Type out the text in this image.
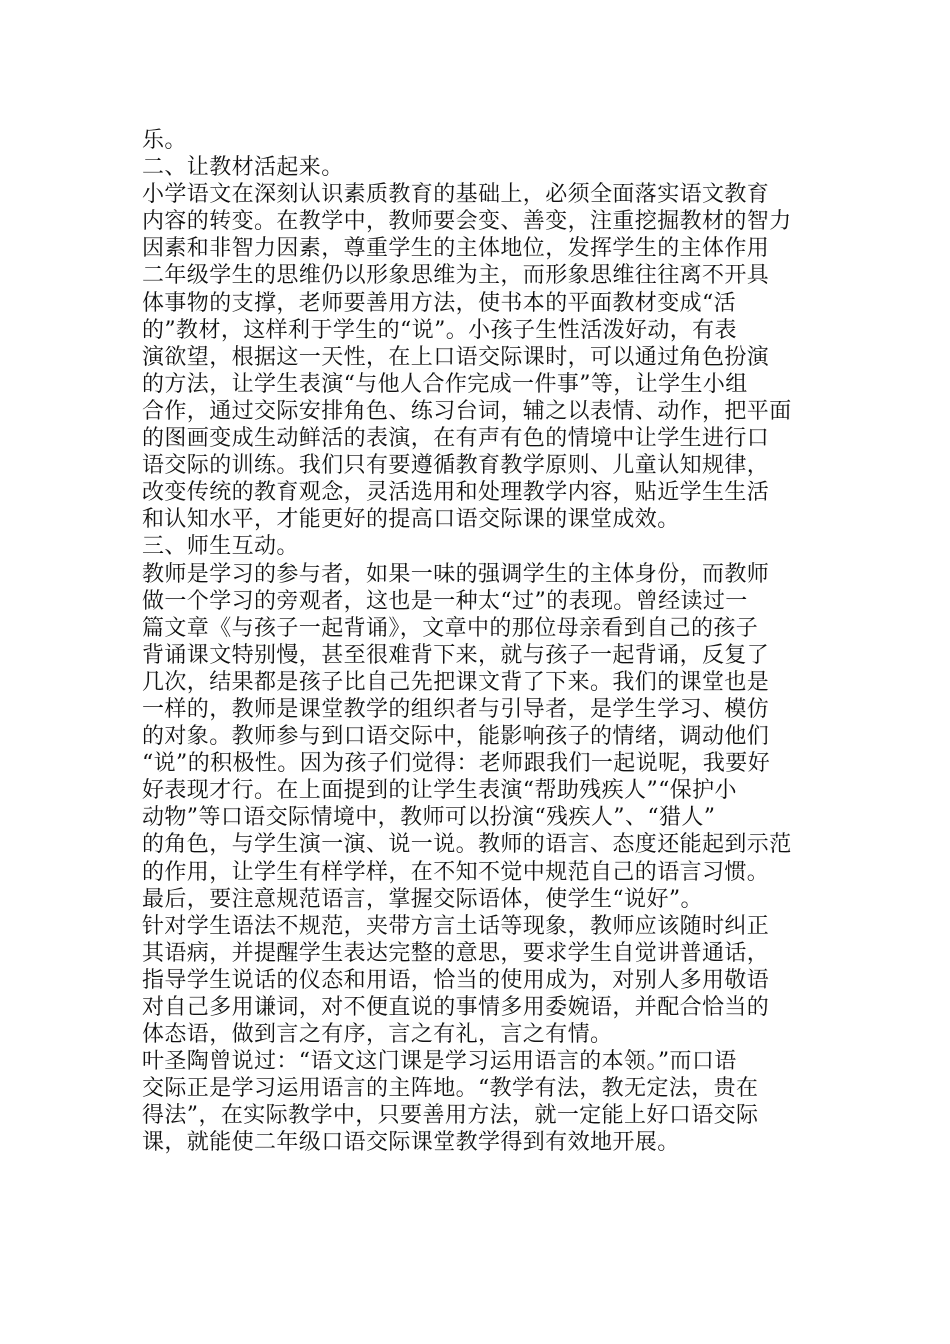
乐。
二、让教材活起来。
小学语文在深刻认识素质教育的基础上，必须全面落实语文教育
内容的转变。在教学中，教师要会变、善变，注重挖掘教材的智力
因素和非智力因素，尊重学生的主体地位，发挥学生的主体作用
二年级学生的思维仍以形象思维为主，而形象思维往往离不开具
体事物的支撑，老师要善用方法，使书本的平面教材变成“活
的”教材，这样利于学生的“说”。小孩子生性活泼好动，有表
演欲望，根据这一天性，在上口语交际课时，可以通过角色扮演
的方法，让学生表演“与他人合作完成一件事”等，让学生小组
合作，通过交际安排角色、练习台词，辅之以表情、动作，把平面
的图画变成生动鲜活的表演，在有声有色的情境中让学生进行口
语交际的训练。我们只有要遵循教育教学原则、儿童认知规律，
改变传统的教育观念，灵活选用和处理教学内容，贴近学生生活
和认知水平，才能更好的提高口语交际课的课堂成效。
三、师生互动。
教师是学习的参与者，如果一味的强调学生的主体身份，而教师
做一个学习的旁观者，这也是一种太“过”的表现。曾经读过一
篇文章《与孩子一起背诵》，文章中的那位母亲看到自己的孩子
背诵课文特别慢，甚至很难背下来，就与孩子一起背诵，反复了
几次，结果都是孩子比自己先把课文背了下来。我们的课堂也是
一样的，教师是课堂教学的组织者与引导者，是学生学习、模仿
的对象。教师参与到口语交际中，能影响孩子的情绪，调动他们
“说”的积极性。因为孩子们觉得：老师跟我们一起说呢，我要好
好表现才行。在上面提到的让学生表演“帮助残疾人”“保护小
动物”等口语交际情境中，教师可以扮演“残疾人”、“猎人”
的角色，与学生演一演、说一说。教师的语言、态度还能起到示范
的作用，让学生有样学样，在不知不觉中规范自己的语言习惯。
最后，要注意规范语言，掌握交际语体，使学生“说好”。
针对学生语法不规范，夹带方言土话等现象，教师应该随时纠正
其语病，并提醒学生表达完整的意思，要求学生自觉讲普通话，
指导学生说话的仪态和用语，恰当的使用成为，对别人多用敬语
对自己多用谦词，对不便直说的事情多用委婉语，并配合恰当的
体态语，做到言之有序，言之有礼，言之有情。
叶圣陶曾说过：“语文这门课是学习运用语言的本领。”而口语
交际正是学习运用语言的主阵地。“教学有法，教无定法，贵在
得法”，在实际教学中，只要善用方法，就一定能上好口语交际
课，就能使二年级口语交际课堂教学得到有效地开展。
